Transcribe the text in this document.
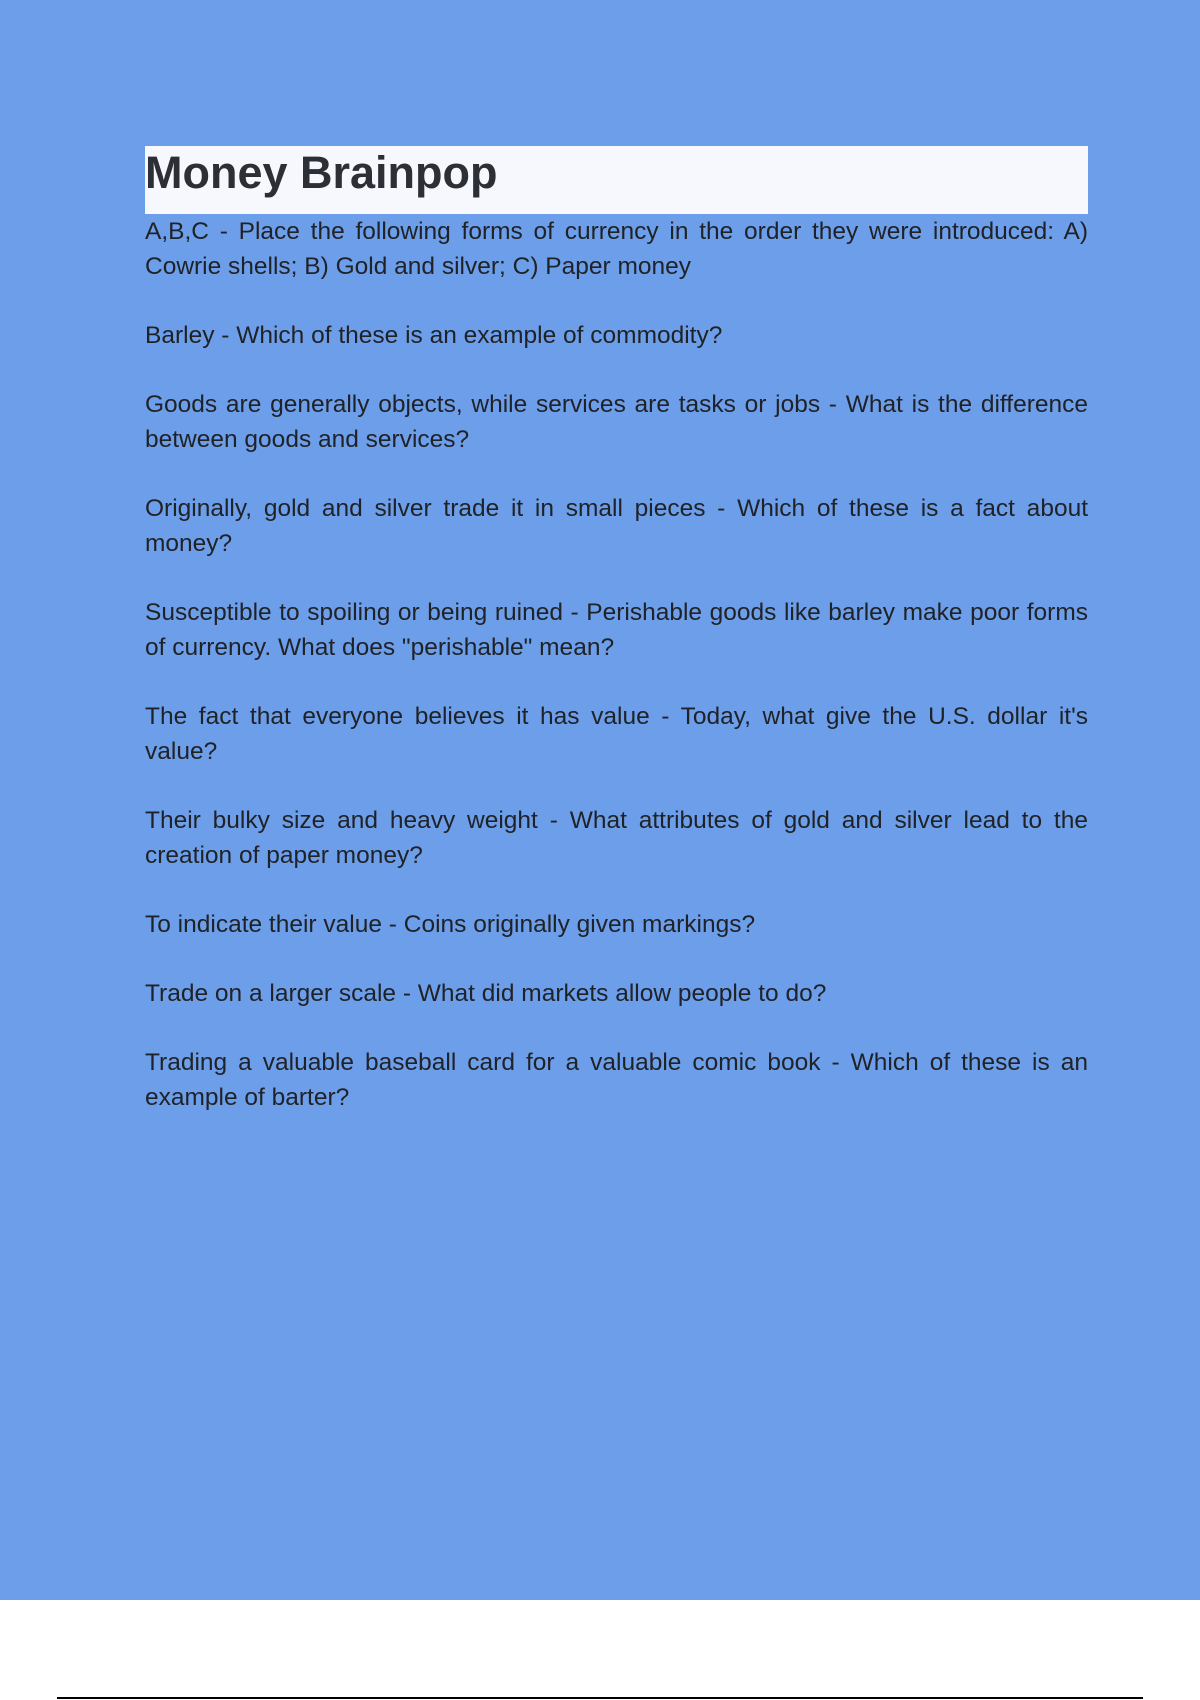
Money Brainpop

A,B,C - Place the following forms of currency in the order they were introduced: A) Cowrie shells; B) Gold and silver; C) Paper money

Barley - Which of these is an example of commodity?

Goods are generally objects, while services are tasks or jobs - What is the difference between goods and services?

Originally, gold and silver trade it in small pieces - Which of these is a fact about money?

Susceptible to spoiling or being ruined - Perishable goods like barley make poor forms of currency. What does "perishable" mean?

The fact that everyone believes it has value - Today, what give the U.S. dollar it's value?

Their bulky size and heavy weight - What attributes of gold and silver lead to the creation of paper money?

To indicate their value - Coins originally given markings?

Trade on a larger scale - What did markets allow people to do?

Trading a valuable baseball card for a valuable comic book - Which of these is an example of barter?
